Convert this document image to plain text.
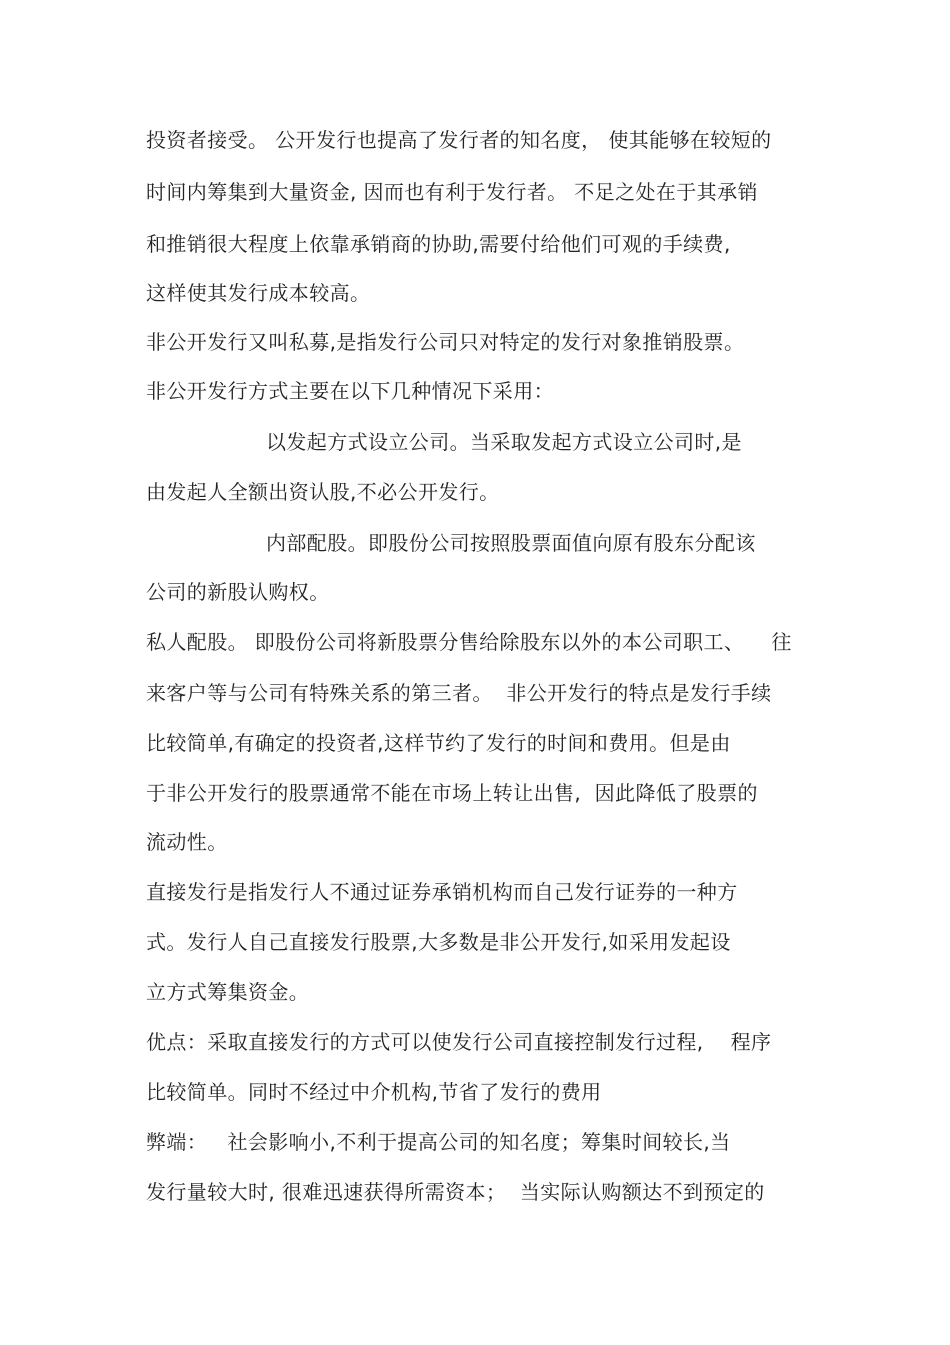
投资者接受。 公开发行也提高了发行者的知名度， 使其能够在较短的
时间内筹集到大量资金, 因而也有利于发行者。 不足之处在于其承销
和推销很大程度上依靠承销商的协助,需要付给他们可观的手续费,
这样使其发行成本较高。
非公开发行又叫私募,是指发行公司只对特定的发行对象推销股票。
非公开发行方式主要在以下几种情况下采用：
以发起方式设立公司。当采取发起方式设立公司时,是
由发起人全额出资认股,不必公开发行。
内部配股。即股份公司按照股票面值向原有股东分配该
公司的新股认购权。
私人配股。 即股份公司将新股票分售给除股东以外的本公司职工、    往
来客户等与公司有特殊关系的第三者。  非公开发行的特点是发行手续
比较简单,有确定的投资者,这样节约了发行的时间和费用。但是由
于非公开发行的股票通常不能在市场上转让出售,  因此降低了股票的
流动性。
直接发行是指发行人不通过证券承销机构而自己发行证券的一种方
式。发行人自己直接发行股票,大多数是非公开发行,如采用发起设
立方式筹集资金。
优点：采取直接发行的方式可以使发行公司直接控制发行过程,    程序
比较简单。同时不经过中介机构,节省了发行的费用
弊端：   社会影响小,不利于提高公司的知名度；筹集时间较长,当
发行量较大时, 很难迅速获得所需资本；  当实际认购额达不到预定的
